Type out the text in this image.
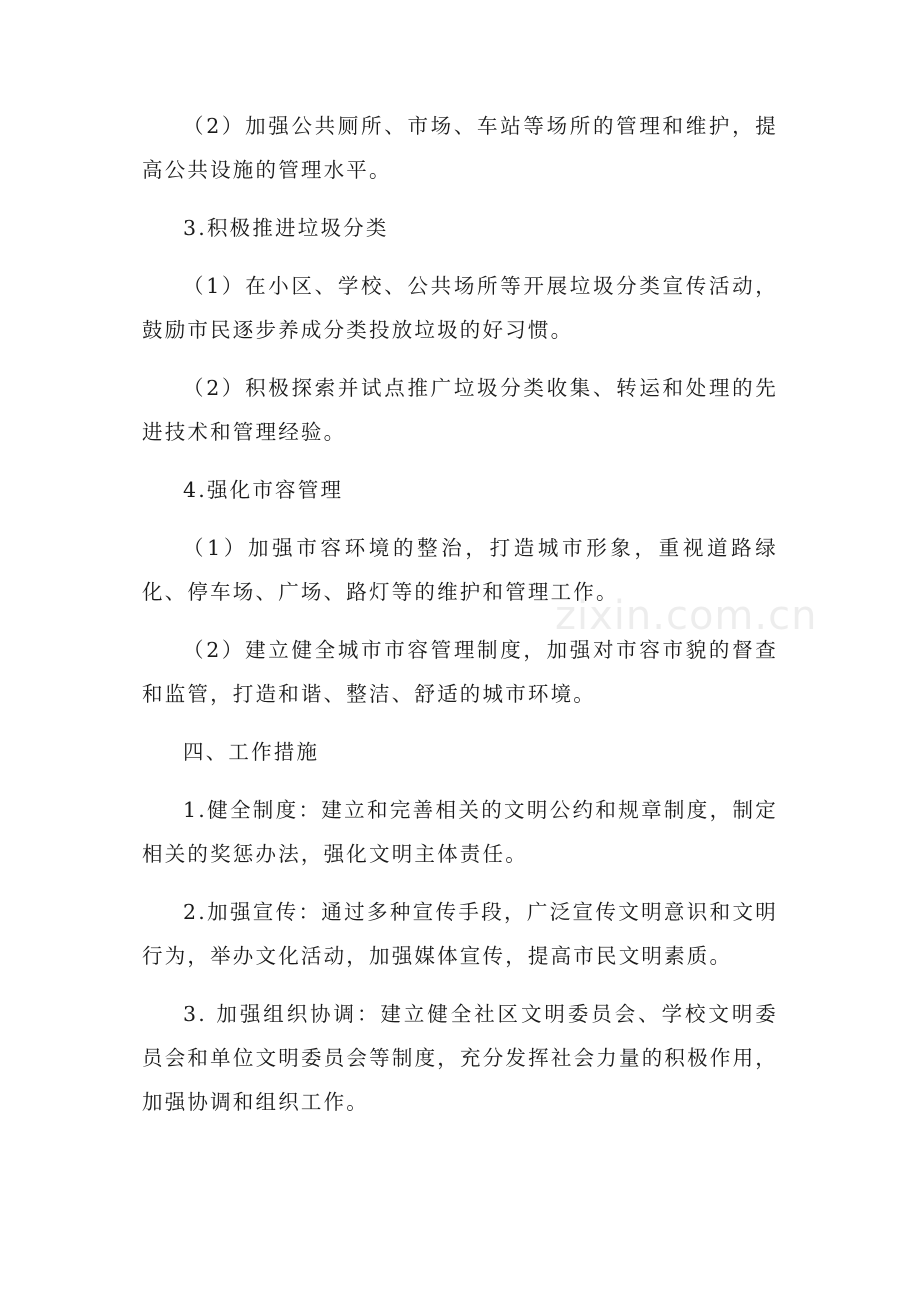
（2）加强公共厕所、市场、车站等场所的管理和维护，提高公共设施的管理水平。

3.积极推进垃圾分类

（1）在小区、学校、公共场所等开展垃圾分类宣传活动，鼓励市民逐步养成分类投放垃圾的好习惯。

（2）积极探索并试点推广垃圾分类收集、转运和处理的先进技术和管理经验。

4.强化市容管理

（1）加强市容环境的整治，打造城市形象，重视道路绿化、停车场、广场、路灯等的维护和管理工作。

（2）建立健全城市市容管理制度，加强对市容市貌的督查和监管，打造和谐、整洁、舒适的城市环境。

四、工作措施

1.健全制度：建立和完善相关的文明公约和规章制度，制定相关的奖惩办法，强化文明主体责任。

2.加强宣传：通过多种宣传手段，广泛宣传文明意识和文明行为，举办文化活动，加强媒体宣传，提高市民文明素质。

3. 加强组织协调：建立健全社区文明委员会、学校文明委员会和单位文明委员会等制度，充分发挥社会力量的积极作用，加强协调和组织工作。

zixin.com.cn
